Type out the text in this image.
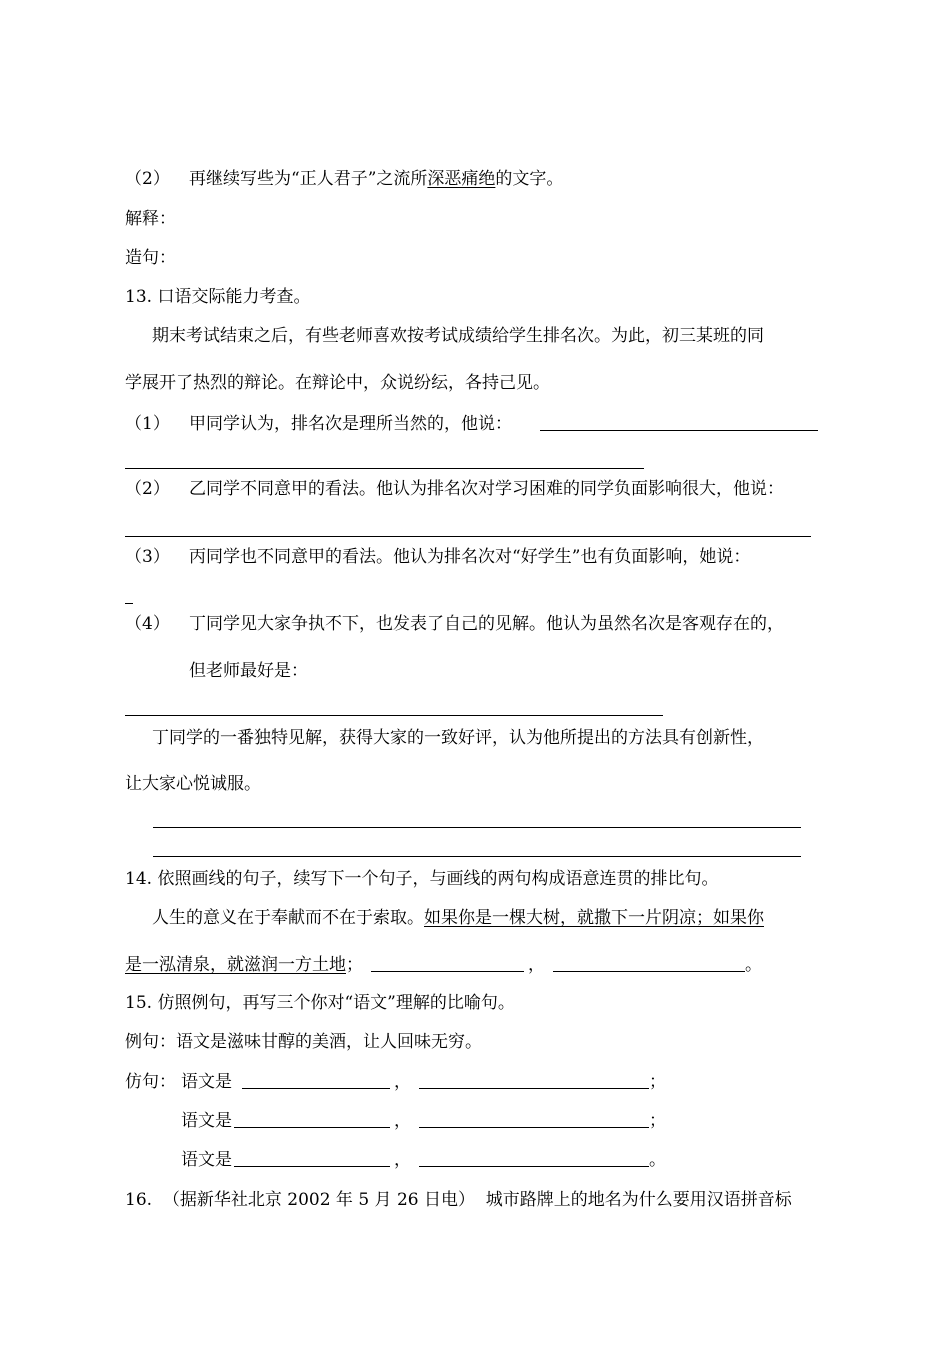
（2） 再继续写些为“正人君子”之流所深恶痛绝的文字。
解释：
造句：
13. 口语交际能力考查。
期末考试结束之后，有些老师喜欢按考试成绩给学生排名次。为此，初三某班的同
学展开了热烈的辩论。在辩论中，众说纷纭，各持己见。
（1） 甲同学认为，排名次是理所当然的，他说：
（2） 乙同学不同意甲的看法。他认为排名次对学习困难的同学负面影响很大，他说：
（3） 丙同学也不同意甲的看法。他认为排名次对“好学生”也有负面影响，她说：
（4） 丁同学见大家争执不下，也发表了自己的见解。他认为虽然名次是客观存在的，
但老师最好是：
丁同学的一番独特见解，获得大家的一致好评，认为他所提出的方法具有创新性，
让大家心悦诚服。
14. 依照画线的句子，续写下一个句子，与画线的两句构成语意连贯的排比句。
人生的意义在于奉献而不在于索取。如果你是一棵大树，就撒下一片阴凉；如果你
是一泓清泉，就滋润一方土地；	，	。
15. 仿照例句，再写三个你对“语文”理解的比喻句。
例句：语文是滋味甘醇的美酒，让人回味无穷。
仿句： 语文是	，	；
语文是	，	；
语文是	，	。
16.  （据新华社北京 2002 年 5 月 26 日电）  城市路牌上的地名为什么要用汉语拼音标
